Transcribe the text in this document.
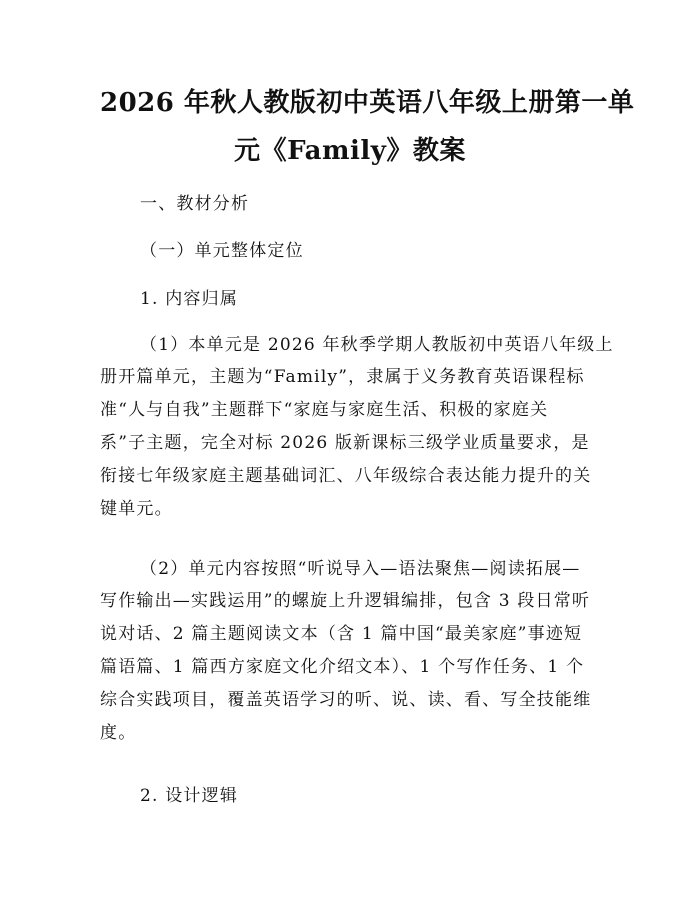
2026 年秋人教版初中英语八年级上册第一单
元《Family》教案
一、教材分析
（一）单元整体定位
1. 内容归属
（1）本单元是 2026 年秋季学期人教版初中英语八年级上
册开篇单元，主题为“Family”，隶属于义务教育英语课程标
准“人与自我”主题群下“家庭与家庭生活、积极的家庭关
系”子主题，完全对标 2026 版新课标三级学业质量要求，是
衔接七年级家庭主题基础词汇、八年级综合表达能力提升的关
键单元。
（2）单元内容按照“听说导入—语法聚焦—阅读拓展—
写作输出—实践运用”的螺旋上升逻辑编排，包含 3 段日常听
说对话、2 篇主题阅读文本（含 1 篇中国“最美家庭”事迹短
篇语篇、1 篇西方家庭文化介绍文本）、1 个写作任务、1 个
综合实践项目，覆盖英语学习的听、说、读、看、写全技能维
度。
2. 设计逻辑
